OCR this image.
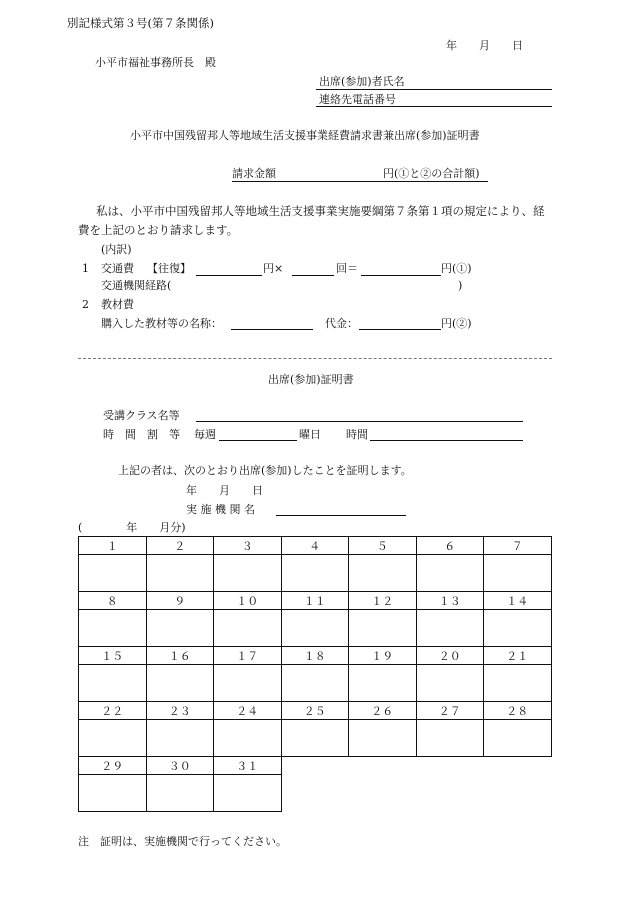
別記様式第３号(第７条関係)
年　　月　　日
小平市福祉事務所長　殿
出席(参加)者氏名
連絡先電話番号
小平市中国残留邦人等地域生活支援事業経費請求書兼出席(参加)証明書
請求金額	円(①と②の合計額)
私は、小平市中国残留邦人等地域生活支援事業実施要綱第７条第１項の規定により、経
費を上記のとおり請求します。
(内訳)
1 交通費 【往復】	円×	回＝	円(①)
交通機関経路(	)
2 教材費
購入した教材等の名称：	代金：	円(②)
出席(参加)証明書
受講クラス名等
時　間　割　等 毎週	曜日 時間
上記の者は、次のとおり出席(参加)したことを証明します。
年　　月　　日
実 施 機 関 名
(　　　　年　　月分)
１	２	３	４	５	６	７

８	９	１０	１１	１２	１３	１４

１５	１６	１７	１８	１９	２０	２１

２２	２３	２４	２５	２６	２７	２８

２９	３０	３１				

注　証明は、実施機関で行ってください。
